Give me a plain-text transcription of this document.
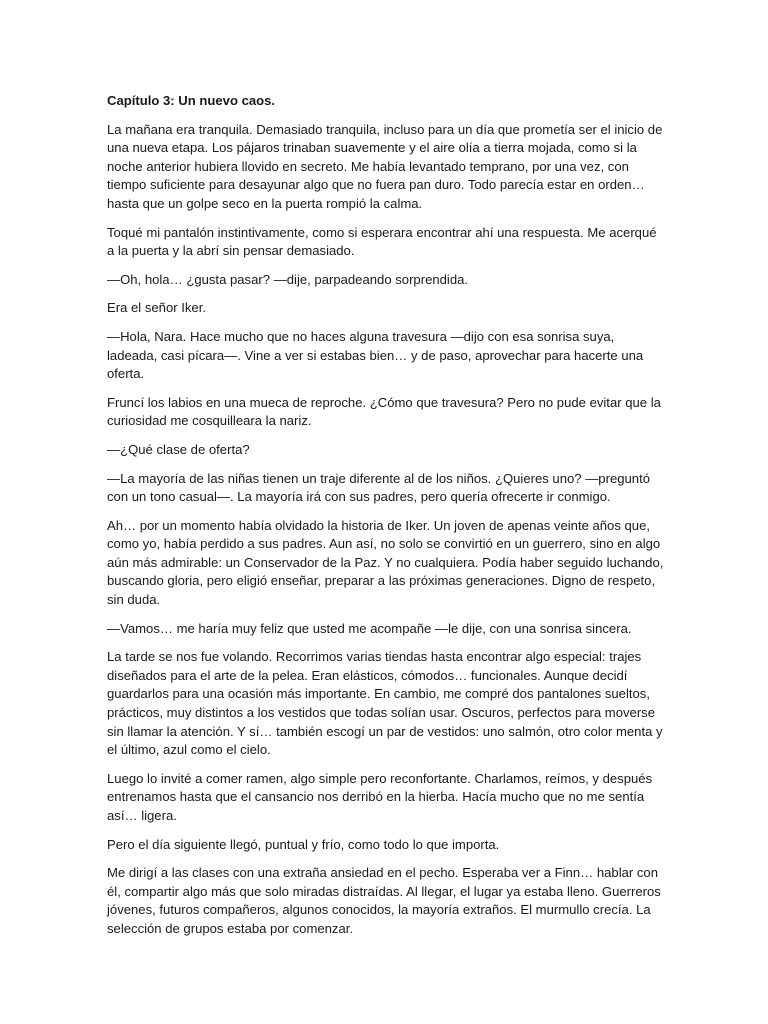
Capítulo 3: Un nuevo caos.

La mañana era tranquila. Demasiado tranquila, incluso para un día que prometía ser el inicio de una nueva etapa. Los pájaros trinaban suavemente y el aire olía a tierra mojada, como si la noche anterior hubiera llovido en secreto. Me había levantado temprano, por una vez, con tiempo suficiente para desayunar algo que no fuera pan duro. Todo parecía estar en orden… hasta que un golpe seco en la puerta rompió la calma.

Toqué mi pantalón instintivamente, como si esperara encontrar ahí una respuesta. Me acerqué a la puerta y la abrí sin pensar demasiado.

—Oh, hola… ¿gusta pasar? —dije, parpadeando sorprendida.

Era el señor Iker.

—Hola, Nara. Hace mucho que no haces alguna travesura —dijo con esa sonrisa suya, ladeada, casi pícara—. Vine a ver si estabas bien… y de paso, aprovechar para hacerte una oferta.

Fruncí los labios en una mueca de reproche. ¿Cómo que travesura? Pero no pude evitar que la curiosidad me cosquilleara la nariz.

—¿Qué clase de oferta?

—La mayoría de las niñas tienen un traje diferente al de los niños. ¿Quieres uno? —preguntó con un tono casual—. La mayoría irá con sus padres, pero quería ofrecerte ir conmigo.

Ah… por un momento había olvidado la historia de Iker. Un joven de apenas veinte años que, como yo, había perdido a sus padres. Aun así, no solo se convirtió en un guerrero, sino en algo aún más admirable: un Conservador de la Paz. Y no cualquiera. Podía haber seguido luchando, buscando gloria, pero eligió enseñar, preparar a las próximas generaciones. Digno de respeto, sin duda.

—Vamos… me haría muy feliz que usted me acompañe —le dije, con una sonrisa sincera.

La tarde se nos fue volando. Recorrimos varias tiendas hasta encontrar algo especial: trajes diseñados para el arte de la pelea. Eran elásticos, cómodos… funcionales. Aunque decidí guardarlos para una ocasión más importante. En cambio, me compré dos pantalones sueltos, prácticos, muy distintos a los vestidos que todas solían usar. Oscuros, perfectos para moverse sin llamar la atención. Y sí… también escogí un par de vestidos: uno salmón, otro color menta y el último, azul como el cielo.

Luego lo invité a comer ramen, algo simple pero reconfortante. Charlamos, reímos, y después entrenamos hasta que el cansancio nos derribó en la hierba. Hacía mucho que no me sentía así… ligera.

Pero el día siguiente llegó, puntual y frío, como todo lo que importa.

Me dirigí a las clases con una extraña ansiedad en el pecho. Esperaba ver a Finn… hablar con él, compartir algo más que solo miradas distraídas. Al llegar, el lugar ya estaba lleno. Guerreros jóvenes, futuros compañeros, algunos conocidos, la mayoría extraños. El murmullo crecía. La selección de grupos estaba por comenzar.
